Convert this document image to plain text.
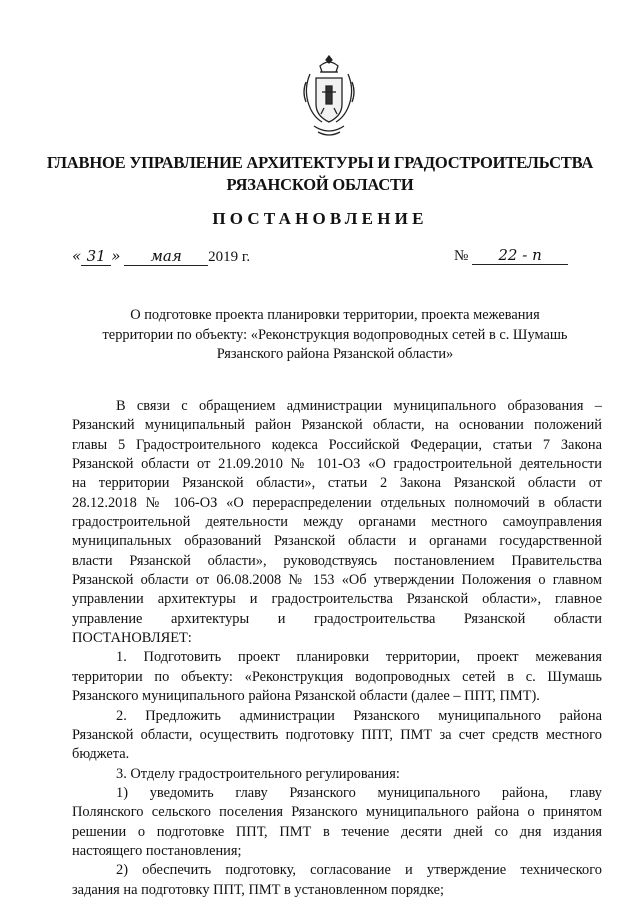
ГЛАВНОЕ УПРАВЛЕНИЕ АРХИТЕКТУРЫ И ГРАДОСТРОИТЕЛЬСТВА
РЯЗАНСКОЙ ОБЛАСТИ
ПОСТАНОВЛЕНИЕ
« 31 » мая 2019 г.	№ 22 - п
О подготовке проекта планировки территории, проекта межевания
территории по объекту: «Реконструкция водопроводных сетей в с. Шумашь
Рязанского района Рязанской области»
В связи с обращением администрации муниципального образования –
Рязанский муниципальный район Рязанской области, на основании положений
главы 5 Градостроительного кодекса Российской Федерации, статьи 7 Закона
Рязанской области от 21.09.2010 № 101-ОЗ «О градостроительной деятельности
на территории Рязанской области», статьи 2 Закона Рязанской области от
28.12.2018 № 106-ОЗ «О перераспределении отдельных полномочий в области
градостроительной деятельности между органами местного самоуправления
муниципальных образований Рязанской области и органами государственной
власти Рязанской области», руководствуясь постановлением Правительства
Рязанской области от 06.08.2008 № 153 «Об утверждении Положения о главном
управлении архитектуры и градостроительства Рязанской области», главное
управление архитектуры и градостроительства Рязанской области
ПОСТАНОВЛЯЕТ:
1. Подготовить проект планировки территории, проект межевания
территории по объекту: «Реконструкция водопроводных сетей в с. Шумашь
Рязанского муниципального района Рязанской области (далее – ППТ, ПМТ).
2. Предложить администрации Рязанского муниципального района
Рязанской области, осуществить подготовку ППТ, ПМТ за счет средств местного
бюджета.
3. Отделу градостроительного регулирования:
1) уведомить главу Рязанского муниципального района, главу
Полянского сельского поселения Рязанского муниципального района о принятом
решении о подготовке ППТ, ПМТ в течение десяти дней со дня издания
настоящего постановления;
2) обеспечить подготовку, согласование и утверждение технического
задания на подготовку ППТ, ПМТ в установленном порядке;
